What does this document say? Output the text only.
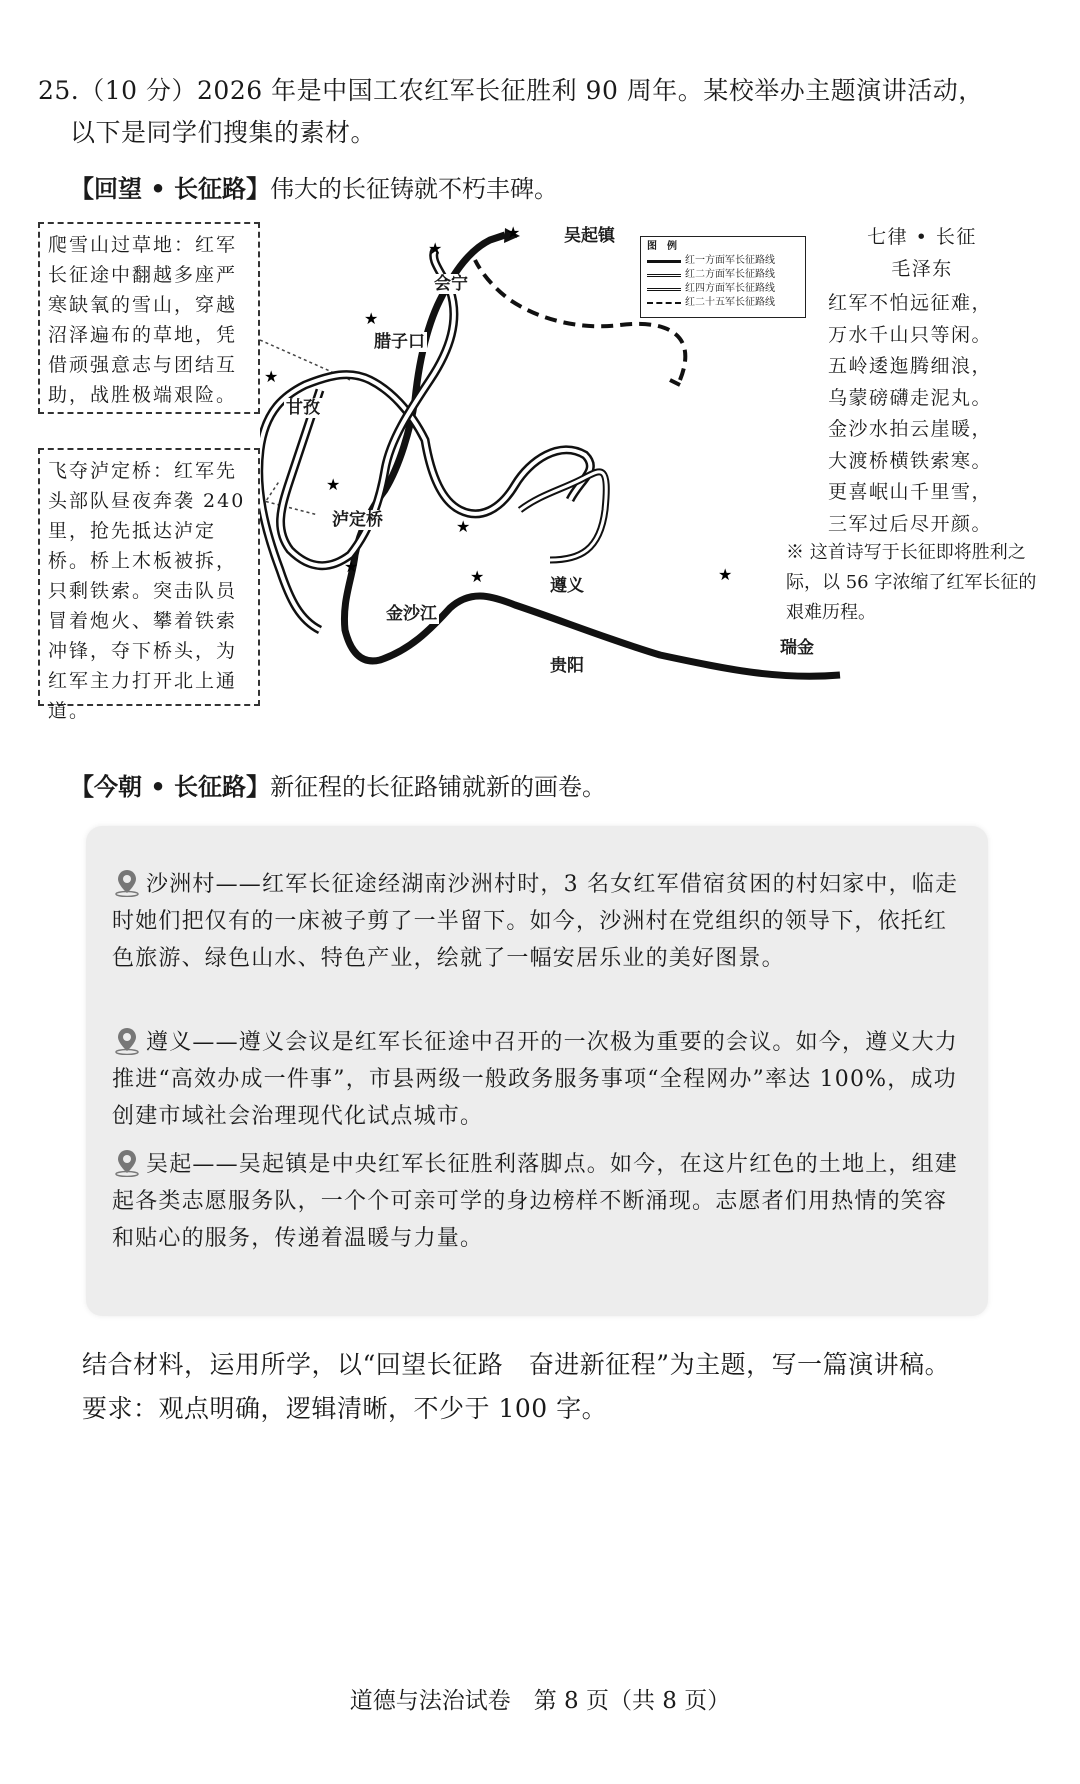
25.（10 分）2026 年是中国工农红军长征胜利 90 周年。某校举办主题演讲活动，
以下是同学们搜集的素材。
【回望 • 长征路】伟大的长征铸就不朽丰碑。
爬雪山过草地：红军长征途中翻越多座严寒缺氧的雪山，穿越沼泽遍布的草地，凭借顽强意志与团结互助，战胜极端艰险。
飞夺泸定桥：红军先头部队昼夜奔袭 240 里，抢先抵达泸定桥。桥上木板被拆，只剩铁索。突击队员冒着炮火、攀着铁索冲锋，夺下桥头，为红军主力打开北上通道。
★
★
★
★
★
★
★
★	★
吴起镇
会宁
腊子口
甘孜
泸定桥
遵义
金沙江
贵阳
瑞金
图　例
红一方面军长征路线
红二方面军长征路线
红四方面军长征路线
红二十五军长征路线
七律 • 长征
毛泽东
红军不怕远征难，
万水千山只等闲。
五岭逶迤腾细浪，
乌蒙磅礴走泥丸。
金沙水拍云崖暖，
大渡桥横铁索寒。
更喜岷山千里雪，
三军过后尽开颜。
※ 这首诗写于长征即将胜利之际，以 56 字浓缩了红军长征的艰难历程。
【今朝 • 长征路】新征程的长征路铺就新的画卷。

沙洲村——红军长征途经湖南沙洲村时，3 名女红军借宿贫困的村妇家中，临走时她们把仅有的一床被子剪了一半留下。如今，沙洲村在党组织的领导下，依托红色旅游、绿色山水、特色产业，绘就了一幅安居乐业的美好图景。

遵义——遵义会议是红军长征途中召开的一次极为重要的会议。如今，遵义大力推进“高效办成一件事”，市县两级一般政务服务事项“全程网办”率达 100%，成功创建市域社会治理现代化试点城市。

吴起——吴起镇是中央红军长征胜利落脚点。如今，在这片红色的土地上，组建起各类志愿服务队，一个个可亲可学的身边榜样不断涌现。志愿者们用热情的笑容和贴心的服务，传递着温暖与力量。

结合材料，运用所学，以“回望长征路　奋进新征程”为主题，写一篇演讲稿。
要求：观点明确，逻辑清晰，不少于 100 字。
道德与法治试卷　第 8 页（共 8 页）
